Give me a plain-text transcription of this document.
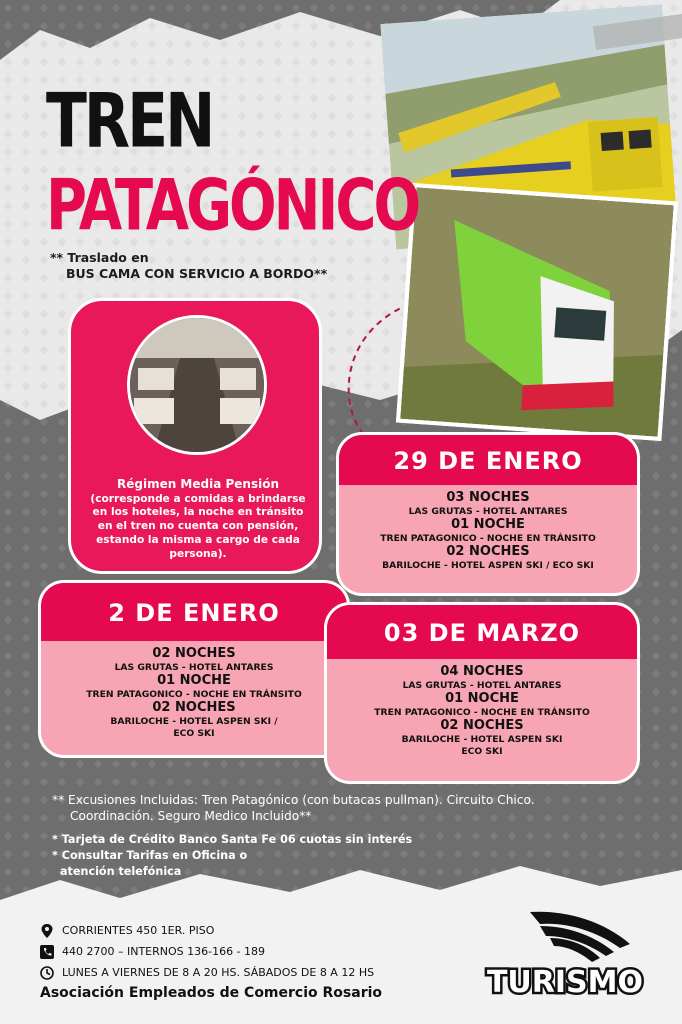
TREN
PATAGÓNICO
** Traslado en
BUS CAMA CON SERVICIO A BORDO**
Régimen Media Pensión
(corresponde a comidas a brindarse en los hoteles, la noche en tránsito en el tren no cuenta con pensión, estando la misma a cargo de cada persona).
29 DE ENERO
03 NOCHES
LAS GRUTAS - HOTEL ANTARES
01 NOCHE
TREN PATAGONICO - NOCHE EN TRÁNSITO
02 NOCHES
BARILOCHE - HOTEL ASPEN SKI / ECO SKI
2 DE ENERO
02 NOCHES
LAS GRUTAS - HOTEL ANTARES
01 NOCHE
TREN PATAGONICO - NOCHE EN TRÁNSITO
02 NOCHES
BARILOCHE - HOTEL ASPEN SKI /
ECO SKI
03 DE MARZO
04 NOCHES
LAS GRUTAS - HOTEL ANTARES
01 NOCHE
TREN PATAGONICO - NOCHE EN TRÁNSITO
02 NOCHES
BARILOCHE - HOTEL ASPEN SKI
ECO SKI
** Excusiones Incluidas: Tren Patagónico (con butacas pullman). Circuito Chico.
Coordinación. Seguro Medico Incluido**
* Tarjeta de Crédito Banco Santa Fe 06 cuotas sin interés
* Consultar Tarifas en Oficina o
atención telefónica
CORRIENTES 450 1ER. PISO
440 2700 – INTERNOS 136-166 - 189
LUNES A VIERNES DE 8 A 20 HS. SÁBADOS DE 8 A 12 HS
Asociación Empleados de Comercio Rosario	TURISMO
